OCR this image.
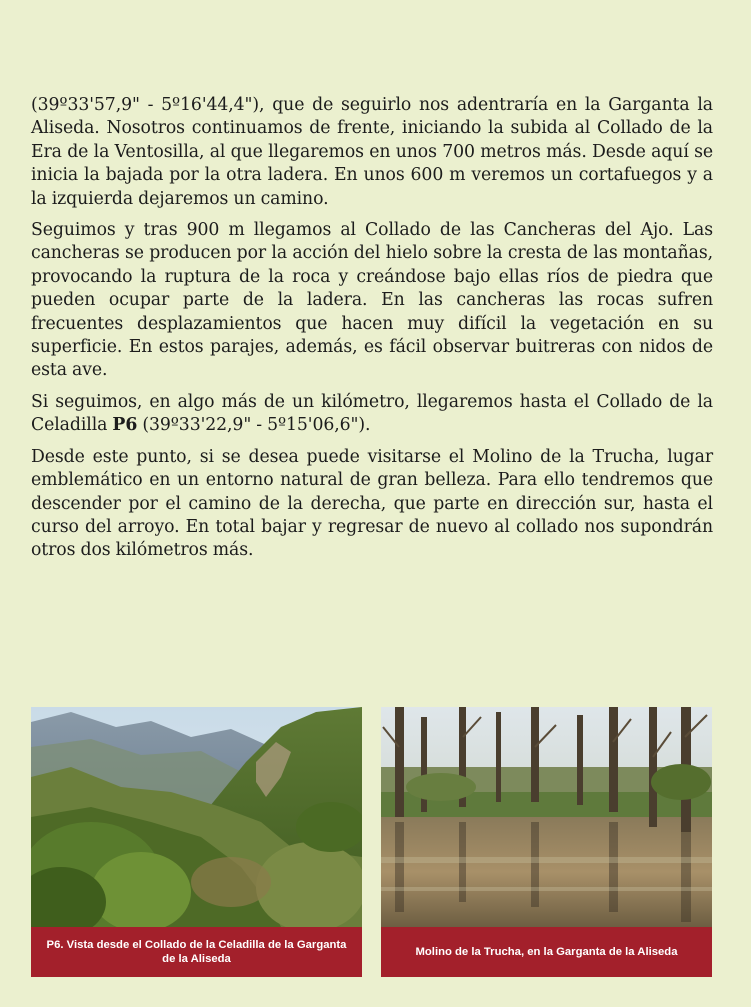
(39º33'57,9" - 5º16'44,4"), que de seguirlo nos adentraría en la Garganta la Aliseda. Nosotros continuamos de frente, iniciando la subida al Collado de la Era de la Ventosilla, al que llegaremos en unos 700 metros más. Desde aquí se inicia la bajada por la otra ladera. En unos 600 m veremos un cortafuegos y a la izquierda dejaremos un camino.

Seguimos y tras 900 m llegamos al Collado de las Cancheras del Ajo. Las cancheras se producen por la acción del hielo sobre la cresta de las montañas, provocando la ruptura de la roca y creándose bajo ellas ríos de piedra que pueden ocupar parte de la ladera. En las cancheras las rocas sufren frecuentes desplazamientos que hacen muy difícil la vegetación en su superficie. En estos parajes, además, es fácil observar buitreras con nidos de esta ave.

Si seguimos, en algo más de un kilómetro, llegaremos hasta el Collado de la Celadilla P6 (39º33'22,9" - 5º15'06,6").

Desde este punto, si se desea puede visitarse el Molino de la Trucha, lugar emblemático en un entorno natural de gran belleza. Para ello tendremos que descender por el camino de la derecha, que parte en dirección sur, hasta el curso del arroyo. En total bajar y regresar de nuevo al collado nos supondrán otros dos kilómetros más.

P6. Vista desde el Collado de la Celadilla de la Garganta de la Aliseda
Molino de la Trucha, en la Garganta de la Aliseda
